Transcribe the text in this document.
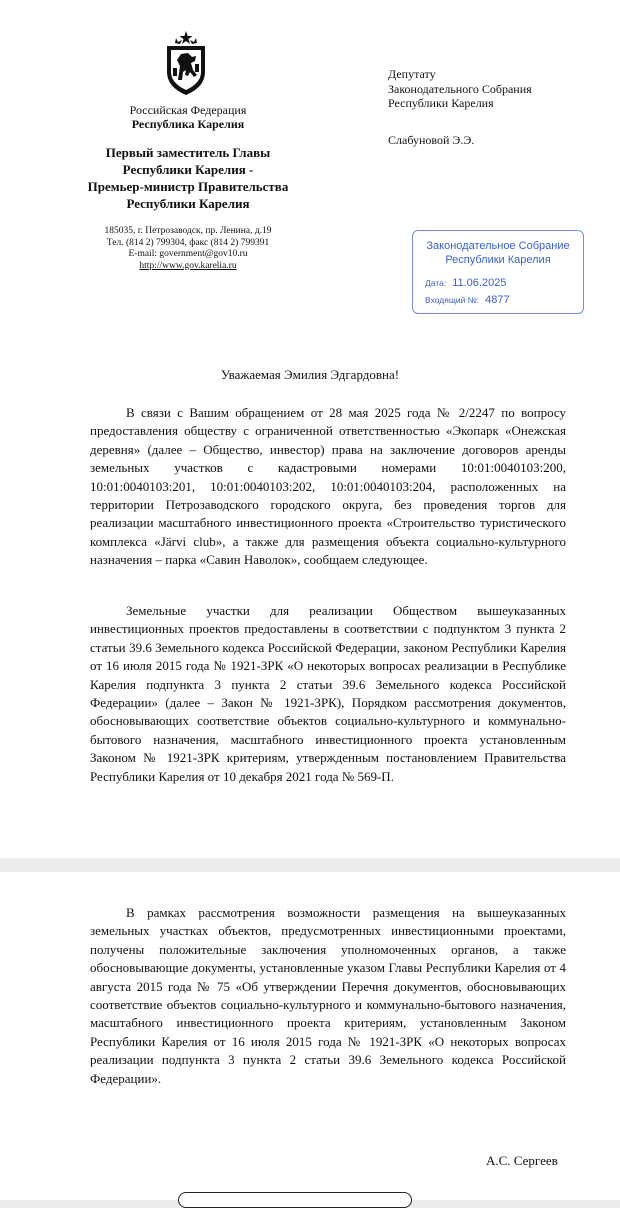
Российская Федерация
Республика Карелия
Первый заместитель Главы
Республики Карелия -
Премьер-министр Правительства
Республики Карелия
185035, г. Петрозаводск, пр. Ленина, д.19
Тел. (814 2) 799304, факс (814 2) 799391
E-mail: government@gov10.ru
http://www.gov.karelia.ru
Депутату
Законодательного Собрания
Республики Карелия
Слабуновой Э.Э.
Законодательное Собрание
Республики Карелия
Дата: 11.06.2025
Входящий №: 4877
Уважаемая Эмилия Эдгардовна!

В связи с Вашим обращением от 28 мая 2025 года № 2/2247 по вопросу предоставления обществу с ограниченной ответственностью «Экопарк «Онежская деревня» (далее – Общество, инвестор) права на заключение договоров аренды земельных участков с кадастровыми номерами 10:01:0040103:200, 10:01:0040103:201, 10:01:0040103:202, 10:01:0040103:204, расположенных на территории Петрозаводского городского округа, без проведения торгов для реализации масштабного инвестиционного проекта «Строительство туристического комплекса «Järvi club», а также для размещения объекта социально-культурного назначения – парка «Савин Наволок», сообщаем следующее.

Земельные участки для реализации Обществом вышеуказанных инвестиционных проектов предоставлены в соответствии с подпунктом 3 пункта 2 статьи 39.6 Земельного кодекса Российской Федерации, законом Республики Карелия от 16 июля 2015 года № 1921-ЗРК «О некоторых вопросах реализации в Республике Карелия подпункта 3 пункта 2 статьи 39.6 Земельного кодекса Российской Федерации» (далее – Закон № 1921-ЗРК), Порядком рассмотрения документов, обосновывающих соответствие объектов социально-культурного и коммунально-бытового назначения, масштабного инвестиционного проекта установленным Законом № 1921-ЗРК критериям, утвержденным постановлением Правительства Республики Карелия от 10 декабря 2021 года № 569-П.

В рамках рассмотрения возможности размещения на вышеуказанных земельных участках объектов, предусмотренных инвестиционными проектами, получены положительные заключения уполномоченных органов, а также обосновывающие документы, установленные указом Главы Республики Карелия от 4 августа 2015 года № 75 «Об утверждении Перечня документов, обосновывающих соответствие объектов социально-культурного и коммунально-бытового назначения, масштабного инвестиционного проекта критериям, установленным Законом Республики Карелия от 16 июля 2015 года № 1921-ЗРК «О некоторых вопросах реализации подпункта 3 пункта 2 статьи 39.6 Земельного кодекса Российской Федерации».

А.С. Сергеев
